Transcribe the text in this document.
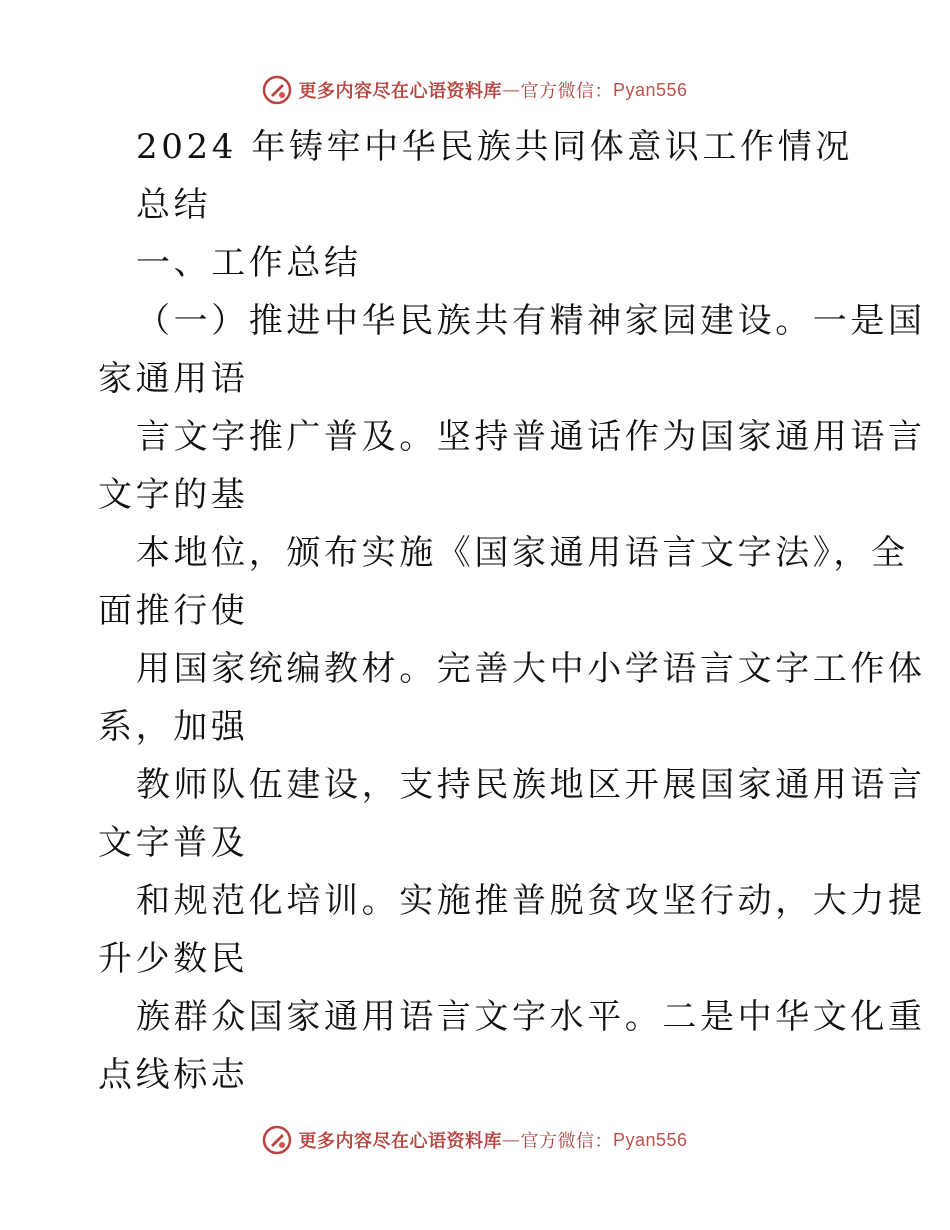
更多内容尽在心语资料库 — 官方微信： Pyan556
2024 年铸牢中华民族共同体意识工作情况
总结
一、工作总结
（一）推进中华民族共有精神家园建设。一是国
家通用语
言文字推广普及。坚持普通话作为国家通用语言
文字的基
本地位，颁布实施《国家通用语言文字法》，全
面推行使
用国家统编教材。完善大中小学语言文字工作体
系，加强
教师队伍建设，支持民族地区开展国家通用语言
文字普及
和规范化培训。实施推普脱贫攻坚行动，大力提
升少数民
族群众国家通用语言文字水平。二是中华文化重
点线标志
更多内容尽在心语资料库 — 官方微信： Pyan556
